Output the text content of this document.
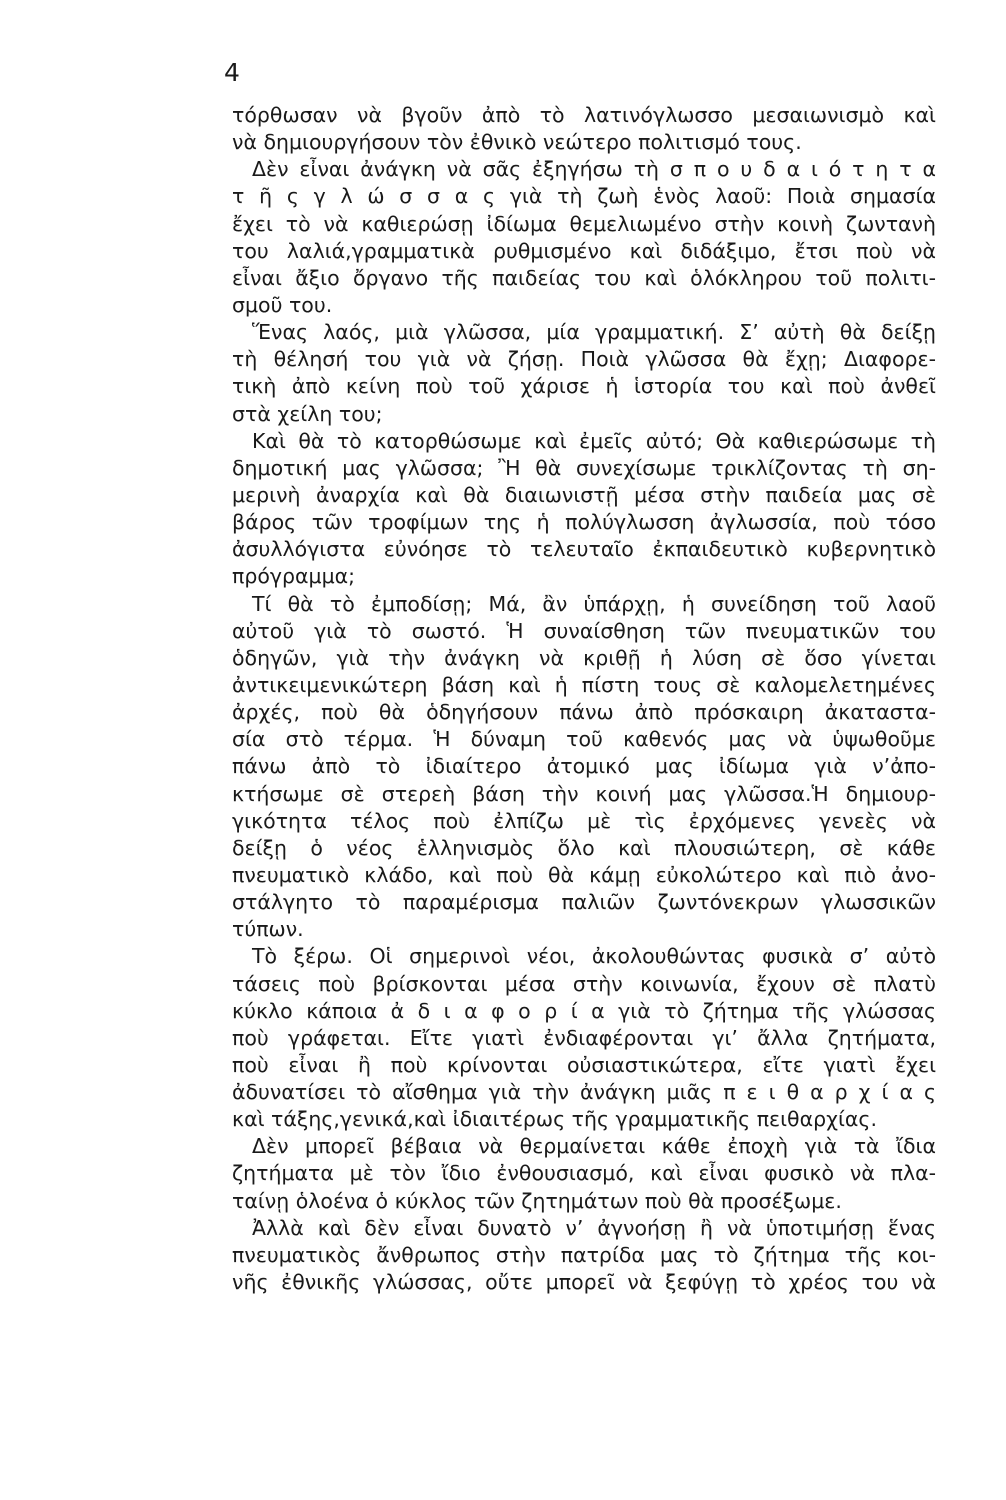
4
τόρθωσαν νὰ βγοῦν ἀπὸ τὸ λατινόγλωσσο μεσαιωνισμὸ καὶ
νὰ δημιουργήσουν τὸν ἐθνικὸ νεώτερο πολιτισμό τους.
Δὲν εἶναι ἀνάγκη νὰ σᾶς ἐξηγήσω τὴ σ π ο υ δ α ι ό τ η τ α
τ ῆ ς γ λ ώ σ σ α ς γιὰ τὴ ζωὴ ἑνὸς λαοῦ: Ποιὰ σημασία
ἔχει τὸ νὰ καθιερώσῃ ἰδίωμα θεμελιωμένο στὴν κοινὴ ζωντανὴ
του λαλιά,γραμματικὰ ρυθμισμένο καὶ διδάξιμο, ἔτσι ποὺ νὰ
εἶναι ἄξιο ὄργανο τῆς παιδείας του καὶ ὁλόκληρου τοῦ πολιτι-
σμοῦ του.
Ἕνας λαός, μιὰ γλῶσσα, μία γραμματική. Σ’ αὐτὴ θὰ δείξῃ
τὴ θέλησή του γιὰ νὰ ζήσῃ. Ποιὰ γλῶσσα θὰ ἔχῃ; Διαφορε-
τικὴ ἀπὸ κείνη ποὺ τοῦ χάρισε ἡ ἱστορία του καὶ ποὺ ἀνθεῖ
στὰ χείλη του;
Καὶ θὰ τὸ κατορθώσωμε καὶ ἐμεῖς αὐτό; Θὰ καθιερώσωμε τὴ
δημοτική μας γλῶσσα; Ἢ θὰ συνεχίσωμε τρικλίζοντας τὴ ση-
μερινὴ ἀναρχία καὶ θὰ διαιωνιστῇ μέσα στὴν παιδεία μας σὲ
βάρος τῶν τροφίμων της ἡ πολύγλωσση ἀγλωσσία, ποὺ τόσο
ἀσυλλόγιστα εὐνόησε τὸ τελευταῖο ἐκπαιδευτικὸ κυβερνητικὸ
πρόγραμμα;
Τί θὰ τὸ ἐμποδίσῃ; Μά, ἂν ὑπάρχῃ, ἡ συνείδηση τοῦ λαοῦ
αὐτοῦ γιὰ τὸ σωστό. Ἡ συναίσθηση τῶν πνευματικῶν του
ὁδηγῶν, γιὰ τὴν ἀνάγκη νὰ κριθῇ ἡ λύση σὲ ὅσο γίνεται
ἀντικειμενικώτερη βάση καὶ ἡ πίστη τους σὲ καλομελετημένες
ἀρχές, ποὺ θὰ ὁδηγήσουν πάνω ἀπὸ πρόσκαιρη ἀκαταστα-
σία στὸ τέρμα. Ἡ δύναμη τοῦ καθενός μας νὰ ὑψωθοῦμε
πάνω ἀπὸ τὸ ἰδιαίτερο ἀτομικό μας ἰδίωμα γιὰ ν’ἀπο-
κτήσωμε σὲ στερεὴ βάση τὴν κοινή μας γλῶσσα.Ἡ δημιουρ-
γικότητα τέλος ποὺ ἐλπίζω μὲ τὶς ἐρχόμενες γενεὲς νὰ
δείξῃ ὁ νέος ἑλληνισμὸς ὅλο καὶ πλουσιώτερη, σὲ κάθε
πνευματικὸ κλάδο, καὶ ποὺ θὰ κάμῃ εὐκολώτερο καὶ πιὸ ἀνο-
στάλγητο τὸ παραμέρισμα παλιῶν ζωντόνεκρων γλωσσικῶν
τύπων.
Τὸ ξέρω. Οἱ σημερινοὶ νέοι, ἀκολουθώντας φυσικὰ σ’ αὐτὸ
τάσεις ποὺ βρίσκονται μέσα στὴν κοινωνία, ἔχουν σὲ πλατὺ
κύκλο κάποια ἀ δ ι α φ ο ρ ί α γιὰ τὸ ζήτημα τῆς γλώσσας
ποὺ γράφεται. Εἴτε γιατὶ ἐνδιαφέρονται γι’ ἄλλα ζητήματα,
ποὺ εἶναι ἢ ποὺ κρίνονται οὐσιαστικώτερα, εἴτε γιατὶ ἔχει
ἀδυνατίσει τὸ αἴσθημα γιὰ τὴν ἀνάγκη μιᾶς π ε ι θ α ρ χ ί α ς
καὶ τάξης,γενικά,καὶ ἰδιαιτέρως τῆς γραμματικῆς πειθαρχίας.
Δὲν μπορεῖ βέβαια νὰ θερμαίνεται κάθε ἐποχὴ γιὰ τὰ ἴδια
ζητήματα μὲ τὸν ἴδιο ἐνθουσιασμό, καὶ εἶναι φυσικὸ νὰ πλα-
ταίνῃ ὁλοένα ὁ κύκλος τῶν ζητημάτων ποὺ θὰ προσέξωμε.
Ἀλλὰ καὶ δὲν εἶναι δυνατὸ ν’ ἀγνοήσῃ ἢ νὰ ὑποτιμήσῃ ἕνας
πνευματικὸς ἄνθρωπος στὴν πατρίδα μας τὸ ζήτημα τῆς κοι-
νῆς ἐθνικῆς γλώσσας, οὔτε μπορεῖ νὰ ξεφύγῃ τὸ χρέος του νὰ
